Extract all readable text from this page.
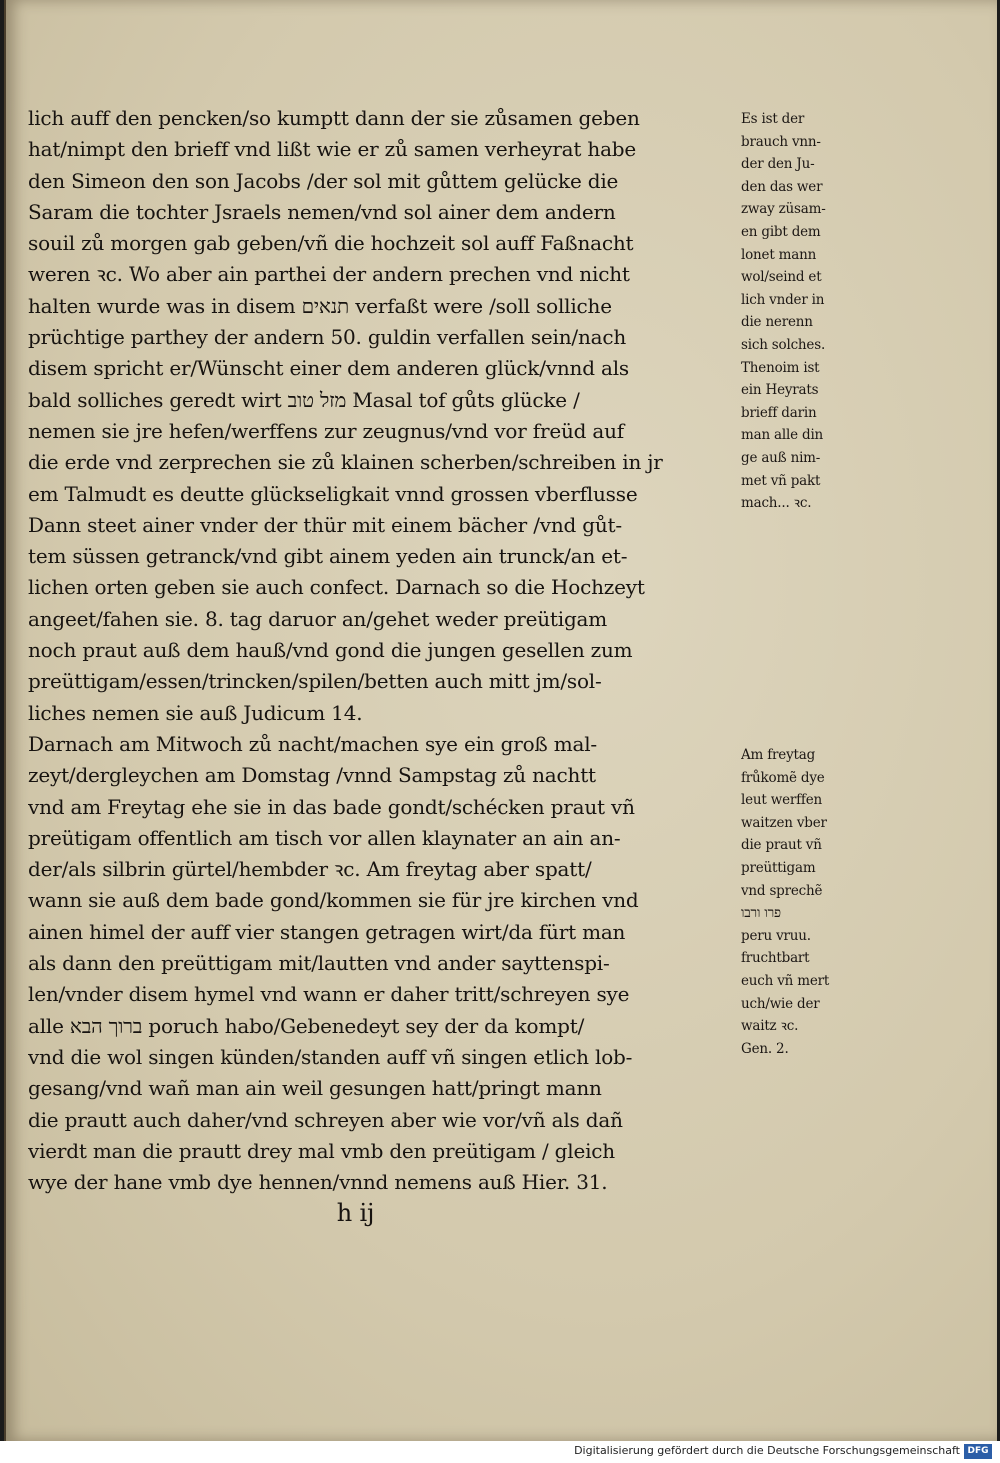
lich auff den pencken/so kumptt dann der sie zůsamen geben
hat/nimpt den brieff vnd lißt wie er zů samen verheyrat habe
den Simeon den son Jacobs /der sol mit gůttem gelücke die
Saram die tochter Jsraels nemen/vnd sol ainer dem andern
souil zů morgen gab geben/vñ die hochzeit sol auff Faßnacht
weren ꝛc. Wo aber ain parthei der andern prechen vnd nicht
halten wurde was in disem תנאים verfaßt were /soll solliche
prüchtige parthey der andern 50. guldin verfallen sein/nach
disem spricht er/Wünscht einer dem anderen glück/vnnd als
bald solliches geredt wirt מזל טוב Masal tof gůts glücke /
nemen sie jre hefen/werffens zur zeugnus/vnd vor freüd auf
die erde vnd zerprechen sie zů klainen scherben/schreiben in jr
em Talmudt es deutte glückseligkait vnnd grossen vberflusse
Dann steet ainer vnder der thür mit einem bächer /vnd gůt-
tem süssen getranck/vnd gibt ainem yeden ain trunck/an et-
lichen orten geben sie auch confect. Darnach so die Hochzeyt
angeet/fahen sie. 8. tag daruor an/gehet weder preütigam
noch praut auß dem hauß/vnd gond die jungen gesellen zum
preüttigam/essen/trincken/spilen/betten auch mitt jm/sol-
liches nemen sie auß Judicum 14.
Darnach am Mitwoch zů nacht/machen sye ein groß mal-
zeyt/dergleychen am Domstag /vnnd Sampstag zů nachtt
vnd am Freytag ehe sie in das bade gondt/schécken praut vñ
preütigam offentlich am tisch vor allen klaynater an ain an-
der/als silbrin gürtel/hembder ꝛc. Am freytag aber spatt/
wann sie auß dem bade gond/kommen sie für jre kirchen vnd
ainen himel der auff vier stangen getragen wirt/da fürt man
als dann den preüttigam mit/lautten vnd ander sayttenspi-
len/vnder disem hymel vnd wann er daher tritt/schreyen sye
alle ברוך הבא poruch habo/Gebenedeyt sey der da kompt/
vnd die wol singen künden/standen auff vñ singen etlich lob-
gesang/vnd wañ man ain weil gesungen hatt/pringt mann
die prautt auch daher/vnd schreyen aber wie vor/vñ als dañ
vierdt man die prautt drey mal vmb den preütigam / gleich
wye der hane vmb dye hennen/vnnd nemens auß Hier. 31.
h ij
Es ist der
brauch vnn-
der den Ju-
den das wer
zway züsam-
en gibt dem
lonet mann
wol/seind et
lich vnder in
die nerenn
sich solches.
Thenoim ist
ein Heyrats
brieff darin
man alle din
ge auß nim-
met vñ pakt
mach... ꝛc.
Am freytag
frůkomẽ dye
leut werffen
waitzen vber
die praut vñ
preüttigam
vnd sprechẽ
פרו ורבו
peru vruu.
fruchtbart
euch vñ mert
uch/wie der
waitz ꝛc.
Gen. 2.
Digitalisierung gefördert durch die Deutsche Forschungsgemeinschaft DFG
